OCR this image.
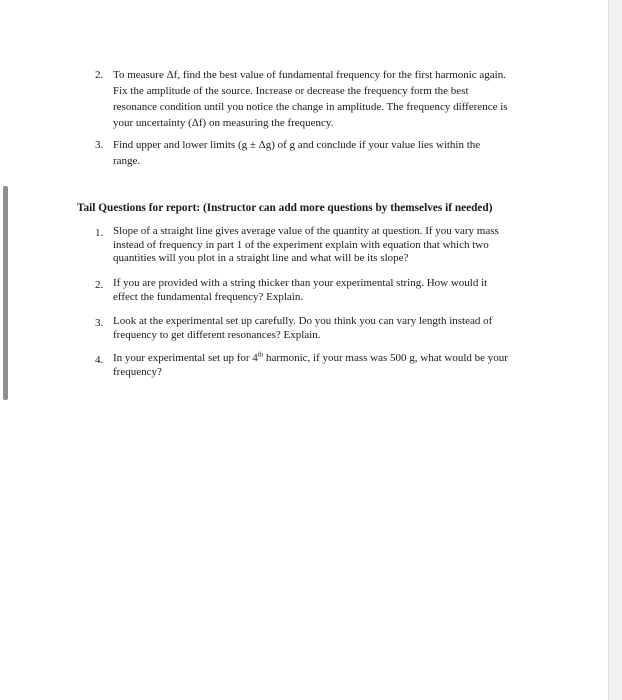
2. To measure Δf, find the best value of fundamental frequency for the first harmonic again.
Fix the amplitude of the source. Increase or decrease the frequency form the best
resonance condition until you notice the change in amplitude. The frequency difference is
your uncertainty (Δf) on measuring the frequency.
3. Find upper and lower limits (g ± Δg) of g and conclude if your value lies within the
range.
Tail Questions for report: (Instructor can add more questions by themselves if needed)
1. Slope of a straight line gives average value of the quantity at question. If you vary mass
instead of frequency in part 1 of the experiment explain with equation that which two
quantities will you plot in a straight line and what will be its slope?
2. If you are provided with a string thicker than your experimental string. How would it
effect the fundamental frequency? Explain.
3. Look at the experimental set up carefully. Do you think you can vary length instead of
frequency to get different resonances? Explain.
4. In your experimental set up for 4th harmonic, if your mass was 500 g, what would be your
frequency?
